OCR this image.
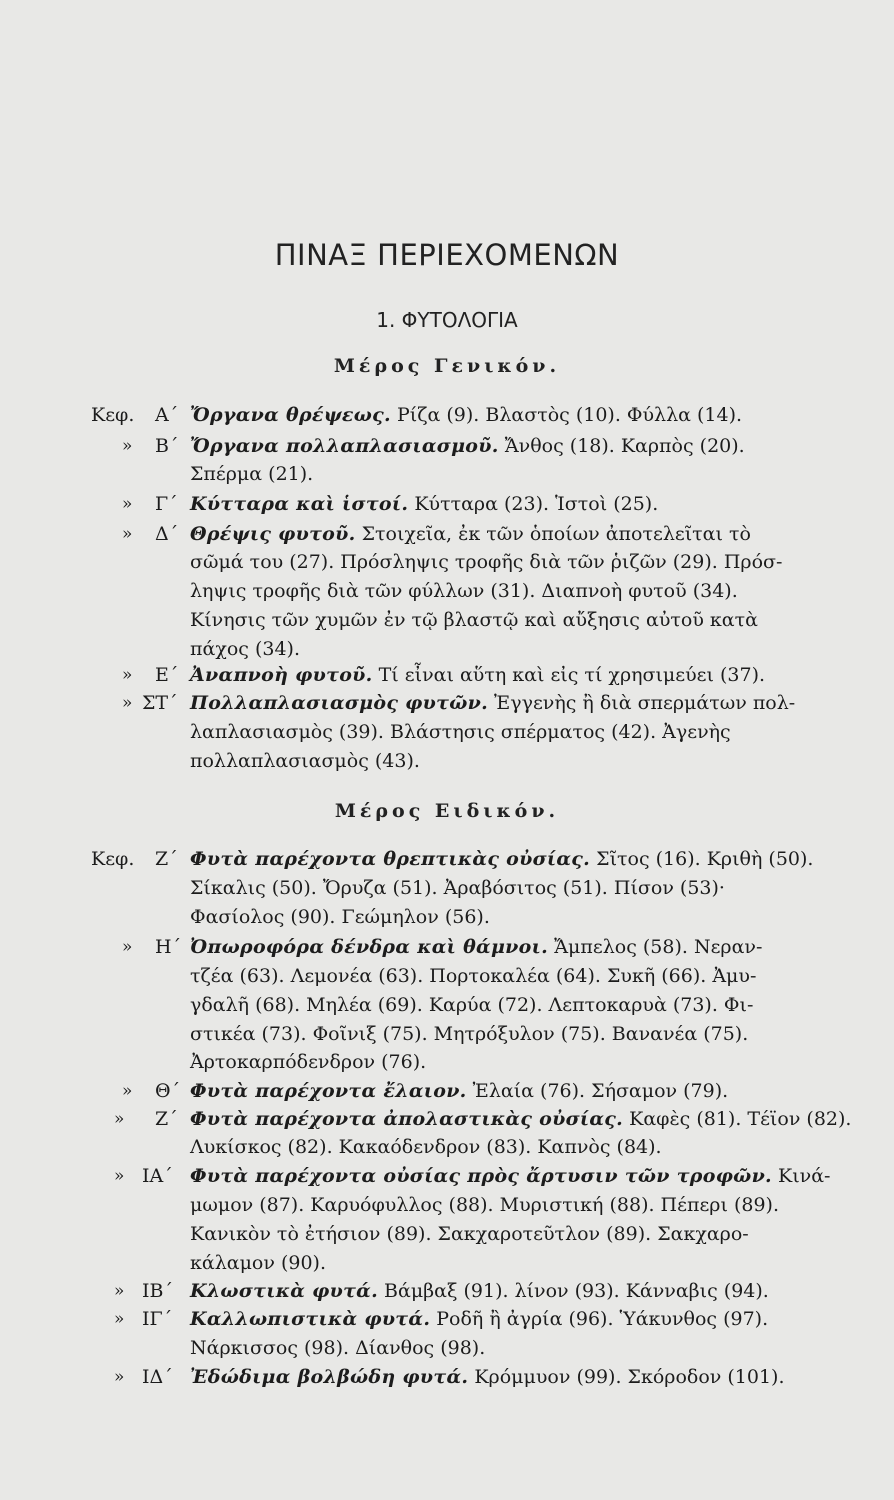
ΠΙΝΑΞ ΠΕΡΙΕΧΟΜΕΝΩΝ
1. ΦΥΤΟΛΟΓΙΑ
Μέρος Γενικόν.
Κεφ. Α΄ Ὄργανα θρέψεως. Ρίζα (9). Βλαστὸς (10). Φύλλα (14).
» Β΄ Ὄργανα πολλαπλασιασμοῦ. Ἄνθος (18). Καρπὸς (20).
Σπέρμα (21).
» Γ΄ Κύτταρα καὶ ἱστοί. Κύτταρα (23). Ἱστοὶ (25).
» Δ΄ Θρέψις φυτοῦ. Στοιχεῖα, ἐκ τῶν ὁποίων ἀποτελεῖται τὸ
σῶμά του (27). Πρόσληψις τροφῆς διὰ τῶν ῥιζῶν (29). Πρόσ-
ληψις τροφῆς διὰ τῶν φύλλων (31). Διαπνοὴ φυτοῦ (34).
Κίνησις τῶν χυμῶν ἐν τῷ βλαστῷ καὶ αὔξησις αὐτοῦ κατὰ
πάχος (34).
» Ε΄ Ἀναπνοὴ φυτοῦ. Τί εἶναι αὕτη καὶ εἰς τί χρησιμεύει (37).
» ΣΤ΄ Πολλαπλασιασμὸς φυτῶν. Ἐγγενὴς ἢ διὰ σπερμάτων πολ-
λαπλασιασμὸς (39). Βλάστησις σπέρματος (42). Ἀγενὴς
πολλαπλασιασμὸς (43).
Μέρος Ειδικόν.
Κεφ. Ζ΄ Φυτὰ παρέχοντα θρεπτικὰς οὐσίας. Σῖτος (16). Κριθὴ (50).
Σίκαλις (50). Ὄρυζα (51). Ἀραβόσιτος (51). Πίσον (53)·
Φασίολος (90). Γεώμηλον (56).
» Η΄ Ὀπωροφόρα δένδρα καὶ θάμνοι. Ἄμπελος (58). Νεραν-
τζέα (63). Λεμονέα (63). Πορτοκαλέα (64). Συκῆ (66). Ἀμυ-
γδαλῆ (68). Μηλέα (69). Καρύα (72). Λεπτοκαρυὰ (73). Φι-
στικέα (73). Φοῖνιξ (75). Μητρόξυλον (75). Βανανέα (75).
Ἀρτοκαρπόδενδρον (76).
» Θ΄ Φυτὰ παρέχοντα ἔλαιον. Ἐλαία (76). Σήσαμον (79).
» Ζ΄ Φυτὰ παρέχοντα ἀπολαστικὰς οὐσίας. Καφὲς (81). Τέϊον (82).
Λυκίσκος (82). Κακαόδενδρον (83). Καπνὸς (84).
» ΙΑ΄ Φυτὰ παρέχοντα οὐσίας πρὸς ἄρτυσιν τῶν τροφῶν. Κινά-
μωμον (87). Καρυόφυλλος (88). Μυριστική (88). Πέπερι (89).
Κανικὸν τὸ ἐτήσιον (89). Σακχαροτεῦτλον (89). Σακχαρο-
κάλαμον (90).
» ΙΒ΄ Κλωστικὰ φυτά. Βάμβαξ (91). λίνον (93). Κάνναβις (94).
» ΙΓ΄ Καλλωπιστικὰ φυτά. Ροδῆ ἢ ἀγρία (96). Ὑάκυνθος (97).
Νάρκισσος (98). Δίανθος (98).
» ΙΔ΄ Ἐδώδιμα βολβώδη φυτά. Κρόμμυον (99). Σκόροδον (101).
